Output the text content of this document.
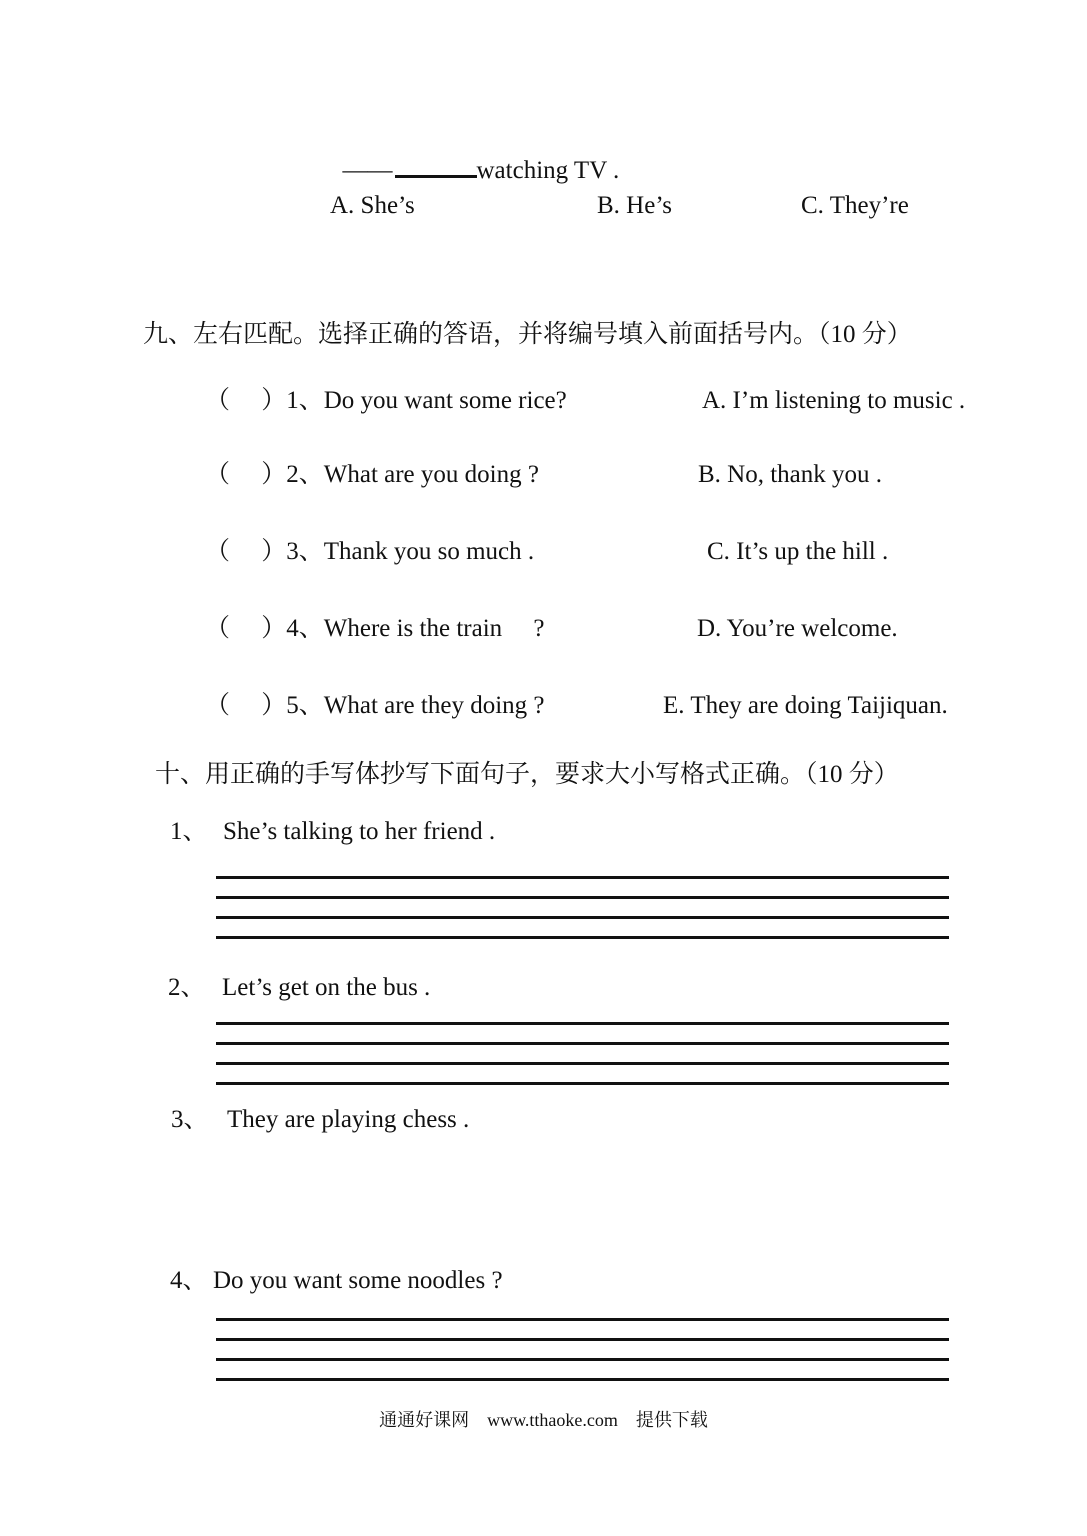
——	watching TV .

A. She’s	B. He’s	C. They’re
九、左右匹配。选择正确的答语，并将编号填入前面括号内。（10 分）
（　 ）1、Do you want some rice?	A. I’m listening to music .
（　 ）2、What are you doing ?	B. No, thank you .
（　 ）3、Thank you so much .	C. It’s up the hill .
（　 ）4、Where is the train　 ?	D. You’re welcome.
（　 ）5、What are they doing ?	E. They are doing Taijiquan.
十、用正确的手写体抄写下面句子，要求大小写格式正确。（10 分）
1、 She’s talking to her friend .
2、 Let’s get on the bus .
3、 They are playing chess .
4、 Do you want some noodles ?
通通好课网　www.tthaoke.com　提供下载
